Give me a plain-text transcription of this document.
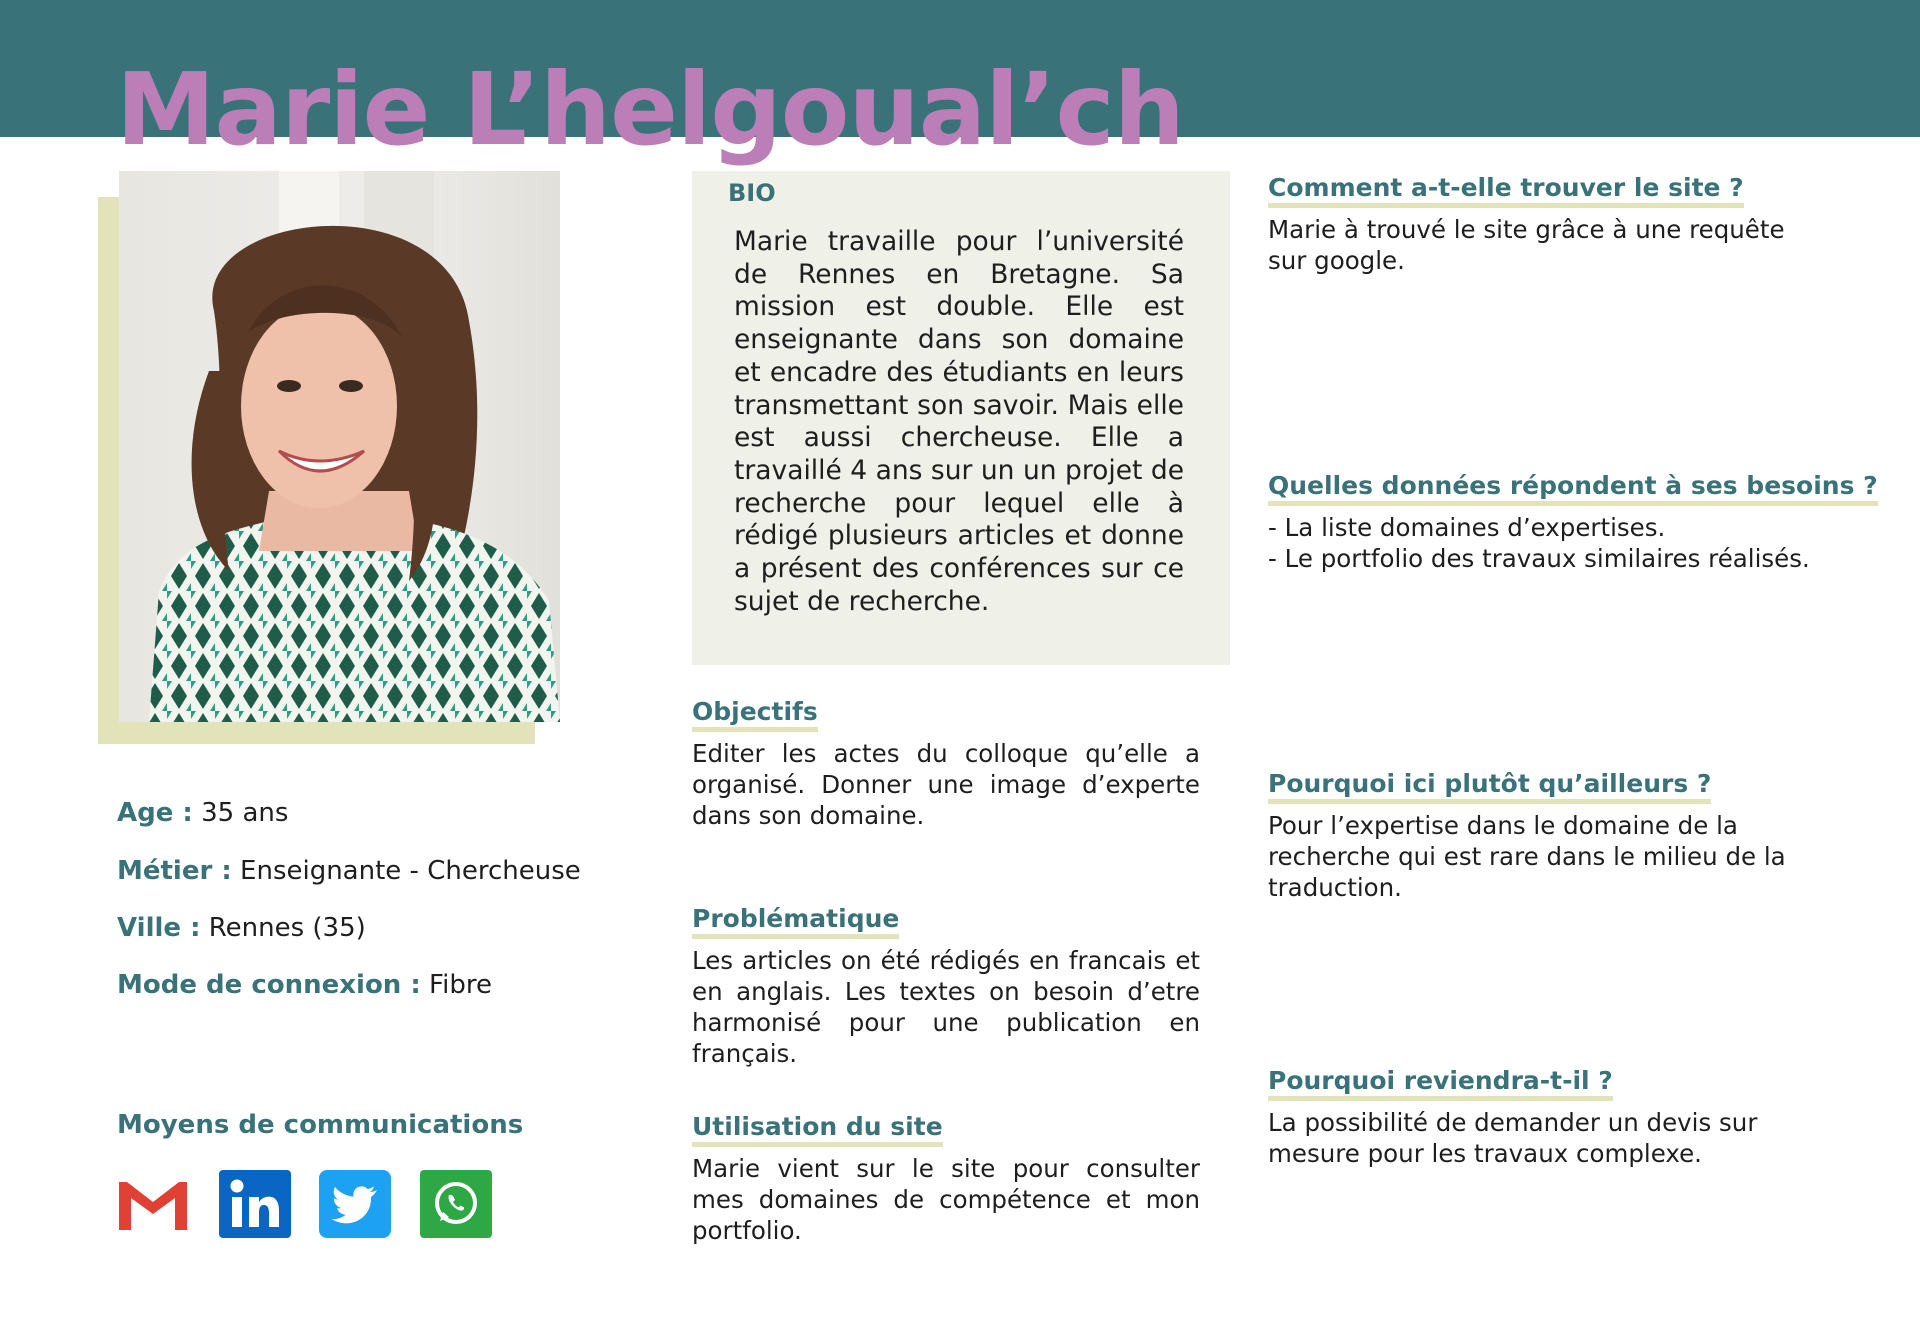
Marie L’helgoual’ch
Age : 35 ans
Métier : Enseignante - Chercheuse
Ville : Rennes (35)
Mode de connexion : Fibre
Moyens de communications
BIO
Marie travaille pour l’université de Rennes en Bretagne. Sa mission est double. Elle est enseignante dans son domaine et encadre des étudiants en leurs transmettant son savoir. Mais elle est aussi chercheuse. Elle a travaillé 4 ans sur un un projet de recherche pour lequel elle à rédigé plusieurs articles et donne a présent des conférences sur ce sujet de recherche.
Objectifs
Editer les actes du colloque qu’elle a organisé. Donner une image d’experte dans son domaine.
Problématique
Les articles on été rédigés en francais et en anglais. Les textes on besoin d’etre harmonisé pour une publication en français.
Utilisation du site
Marie vient sur le site pour consulter mes domaines de compétence et mon portfolio.
Comment a-t-elle trouver le site ?
Marie à trouvé le site grâce à une requête sur google.
Quelles données répondent à ses besoins ?
- La liste domaines d’expertises.
- Le portfolio des travaux similaires réalisés.
Pourquoi ici plutôt qu’ailleurs ?
Pour l’expertise dans le domaine de la recherche qui est rare dans le milieu de la traduction.
Pourquoi reviendra-t-il ?
La possibilité de demander un devis sur mesure pour les travaux complexe.
